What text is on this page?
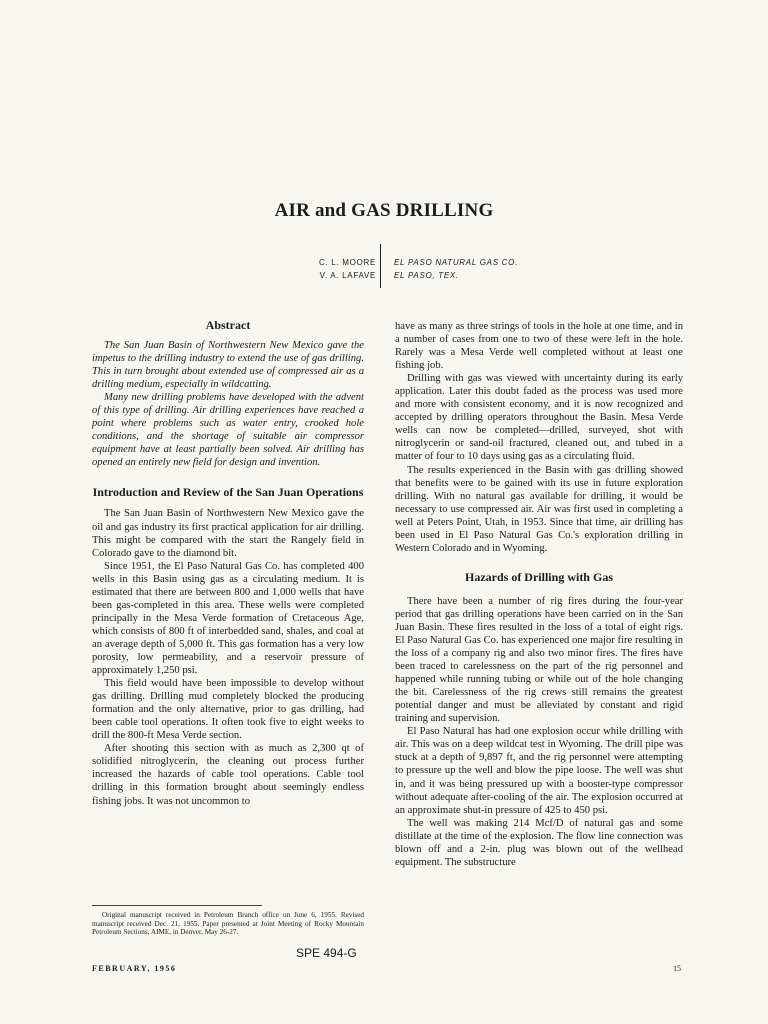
AIR and GAS DRILLING
C. L. MOORE
V. A. LAFAVE
EL PASO NATURAL GAS CO.
EL PASO, TEX.
Abstract

The San Juan Basin of Northwestern New Mexico gave the impetus to the drilling industry to extend the use of gas drilling. This in turn brought about extended use of compressed air as a drilling medium, especially in wildcatting.

Many new drilling problems have developed with the advent of this type of drilling. Air drilling experiences have reached a point where problems such as water entry, crooked hole conditions, and the shortage of suitable air compressor equipment have at least partially been solved. Air drilling has opened an entirely new field for design and invention.

Introduction and Review of the San Juan Operations

The San Juan Basin of Northwestern New Mexico gave the oil and gas industry its first practical application for air drilling. This might be compared with the start the Rangely field in Colorado gave to the diamond bit.

Since 1951, the El Paso Natural Gas Co. has completed 400 wells in this Basin using gas as a circulating medium. It is estimated that there are between 800 and 1,000 wells that have been gas-completed in this area. These wells were completed principally in the Mesa Verde formation of Cretaceous Age, which consists of 800 ft of interbedded sand, shales, and coal at an average depth of 5,000 ft. This gas formation has a very low porosity, low permeability, and a reservoir pressure of approximately 1,250 psi.

This field would have been impossible to develop without gas drilling. Drilling mud completely blocked the producing formation and the only alternative, prior to gas drilling, had been cable tool operations. It often took five to eight weeks to drill the 800-ft Mesa Verde section.

After shooting this section with as much as 2,300 qt of solidified nitroglycerin, the cleaning out process further increased the hazards of cable tool operations. Cable tool drilling in this formation brought about seemingly endless fishing jobs. It was not uncommon to

have as many as three strings of tools in the hole at one time, and in a number of cases from one to two of these were left in the hole. Rarely was a Mesa Verde well completed without at least one fishing job.

Drilling with gas was viewed with uncertainty during its early application. Later this doubt faded as the process was used more and more with consistent economy, and it is now recognized and accepted by drilling operators throughout the Basin. Mesa Verde wells can now be completed—drilled, surveyed, shot with nitroglycerin or sand-oil fractured, cleaned out, and tubed in a matter of four to 10 days using gas as a circulating fluid.

The results experienced in the Basin with gas drilling showed that benefits were to be gained with its use in future exploration drilling. With no natural gas available for drilling, it would be necessary to use compressed air. Air was first used in completing a well at Peters Point, Utah, in 1953. Since that time, air drilling has been used in El Paso Natural Gas Co.'s exploration drilling in Western Colorado and in Wyoming.

Hazards of Drilling with Gas

There have been a number of rig fires during the four-year period that gas drilling operations have been carried on in the San Juan Basin. These fires resulted in the loss of a total of eight rigs. El Paso Natural Gas Co. has experienced one major fire resulting in the loss of a company rig and also two minor fires. The fires have been traced to carelessness on the part of the rig personnel and happened while running tubing or while out of the hole changing the bit. Carelessness of the rig crews still remains the greatest potential danger and must be alleviated by constant and rigid training and supervision.

El Paso Natural has had one explosion occur while drilling with air. This was on a deep wildcat test in Wyoming. The drill pipe was stuck at a depth of 9,897 ft, and the rig personnel were attempting to pressure up the well and blow the pipe loose. The well was shut in, and it was being pressured up with a booster-type compressor without adequate after-cooling of the air. The explosion occurred at an approximate shut-in pressure of 425 to 450 psi.

The well was making 214 Mcf/D of natural gas and some distillate at the time of the explosion. The flow line connection was blown off and a 2-in. plug was blown out of the wellhead equipment. The substructure

Original manuscript received in Petroleum Branch office on June 6, 1955. Revised manuscript received Dec. 21, 1955. Paper presented at Joint Meeting of Rocky Mountain Petroleum Sections, AIME, in Denver, May 26-27.
SPE 494-G
FEBRUARY, 1956	15
